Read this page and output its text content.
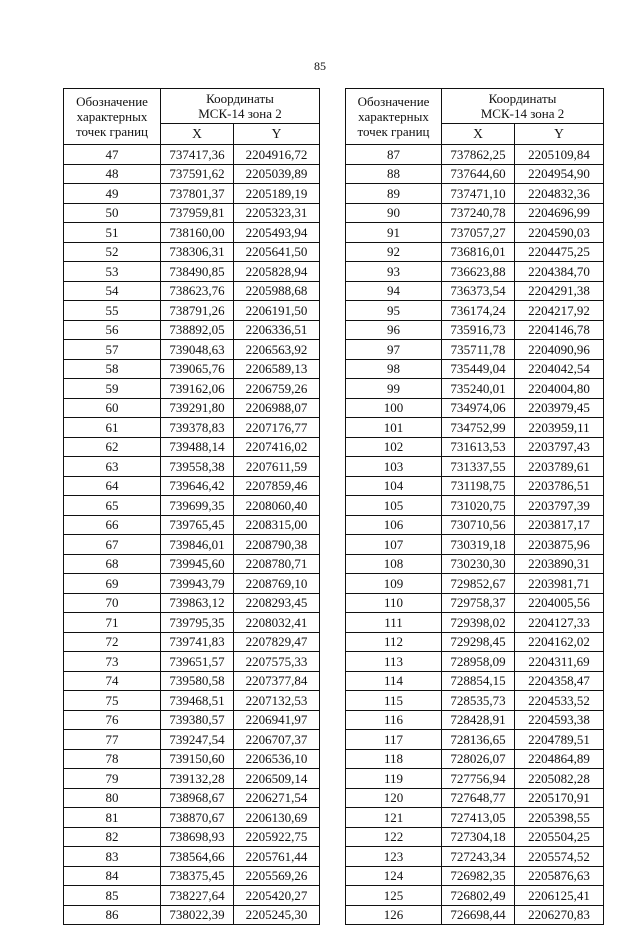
85
Обозначение
характерных
точек границ	Координаты
МСК-14 зона 2	

	X	Y
47	737417,36	2204916,72
48	737591,62	2205039,89
49	737801,37	2205189,19
50	737959,81	2205323,31
51	738160,00	2205493,94
52	738306,31	2205641,50
53	738490,85	2205828,94
54	738623,76	2205988,68
55	738791,26	2206191,50
56	738892,05	2206336,51
57	739048,63	2206563,92
58	739065,76	2206589,13
59	739162,06	2206759,26
60	739291,80	2206988,07
61	739378,83	2207176,77
62	739488,14	2207416,02
63	739558,38	2207611,59
64	739646,42	2207859,46
65	739699,35	2208060,40
66	739765,45	2208315,00
67	739846,01	2208790,38
68	739945,60	2208780,71
69	739943,79	2208769,10
70	739863,12	2208293,45
71	739795,35	2208032,41
72	739741,83	2207829,47
73	739651,57	2207575,33
74	739580,58	2207377,84
75	739468,51	2207132,53
76	739380,57	2206941,97
77	739247,54	2206707,37
78	739150,60	2206536,10
79	739132,28	2206509,14
80	738968,67	2206271,54
81	738870,67	2206130,69
82	738698,93	2205922,75
83	738564,66	2205761,44
84	738375,45	2205569,26
85	738227,64	2205420,27
86	738022,39	2205245,30
Обозначение
характерных
точек границ	Координаты
МСК-14 зона 2	

	X	Y
87	737862,25	2205109,84
88	737644,60	2204954,90
89	737471,10	2204832,36
90	737240,78	2204696,99
91	737057,27	2204590,03
92	736816,01	2204475,25
93	736623,88	2204384,70
94	736373,54	2204291,38
95	736174,24	2204217,92
96	735916,73	2204146,78
97	735711,78	2204090,96
98	735449,04	2204042,54
99	735240,01	2204004,80
100	734974,06	2203979,45
101	734752,99	2203959,11
102	731613,53	2203797,43
103	731337,55	2203789,61
104	731198,75	2203786,51
105	731020,75	2203797,39
106	730710,56	2203817,17
107	730319,18	2203875,96
108	730230,30	2203890,31
109	729852,67	2203981,71
110	729758,37	2204005,56
111	729398,02	2204127,33
112	729298,45	2204162,02
113	728958,09	2204311,69
114	728854,15	2204358,47
115	728535,73	2204533,52
116	728428,91	2204593,38
117	728136,65	2204789,51
118	728026,07	2204864,89
119	727756,94	2205082,28
120	727648,77	2205170,91
121	727413,05	2205398,55
122	727304,18	2205504,25
123	727243,34	2205574,52
124	726982,35	2205876,63
125	726802,49	2206125,41
126	726698,44	2206270,83
